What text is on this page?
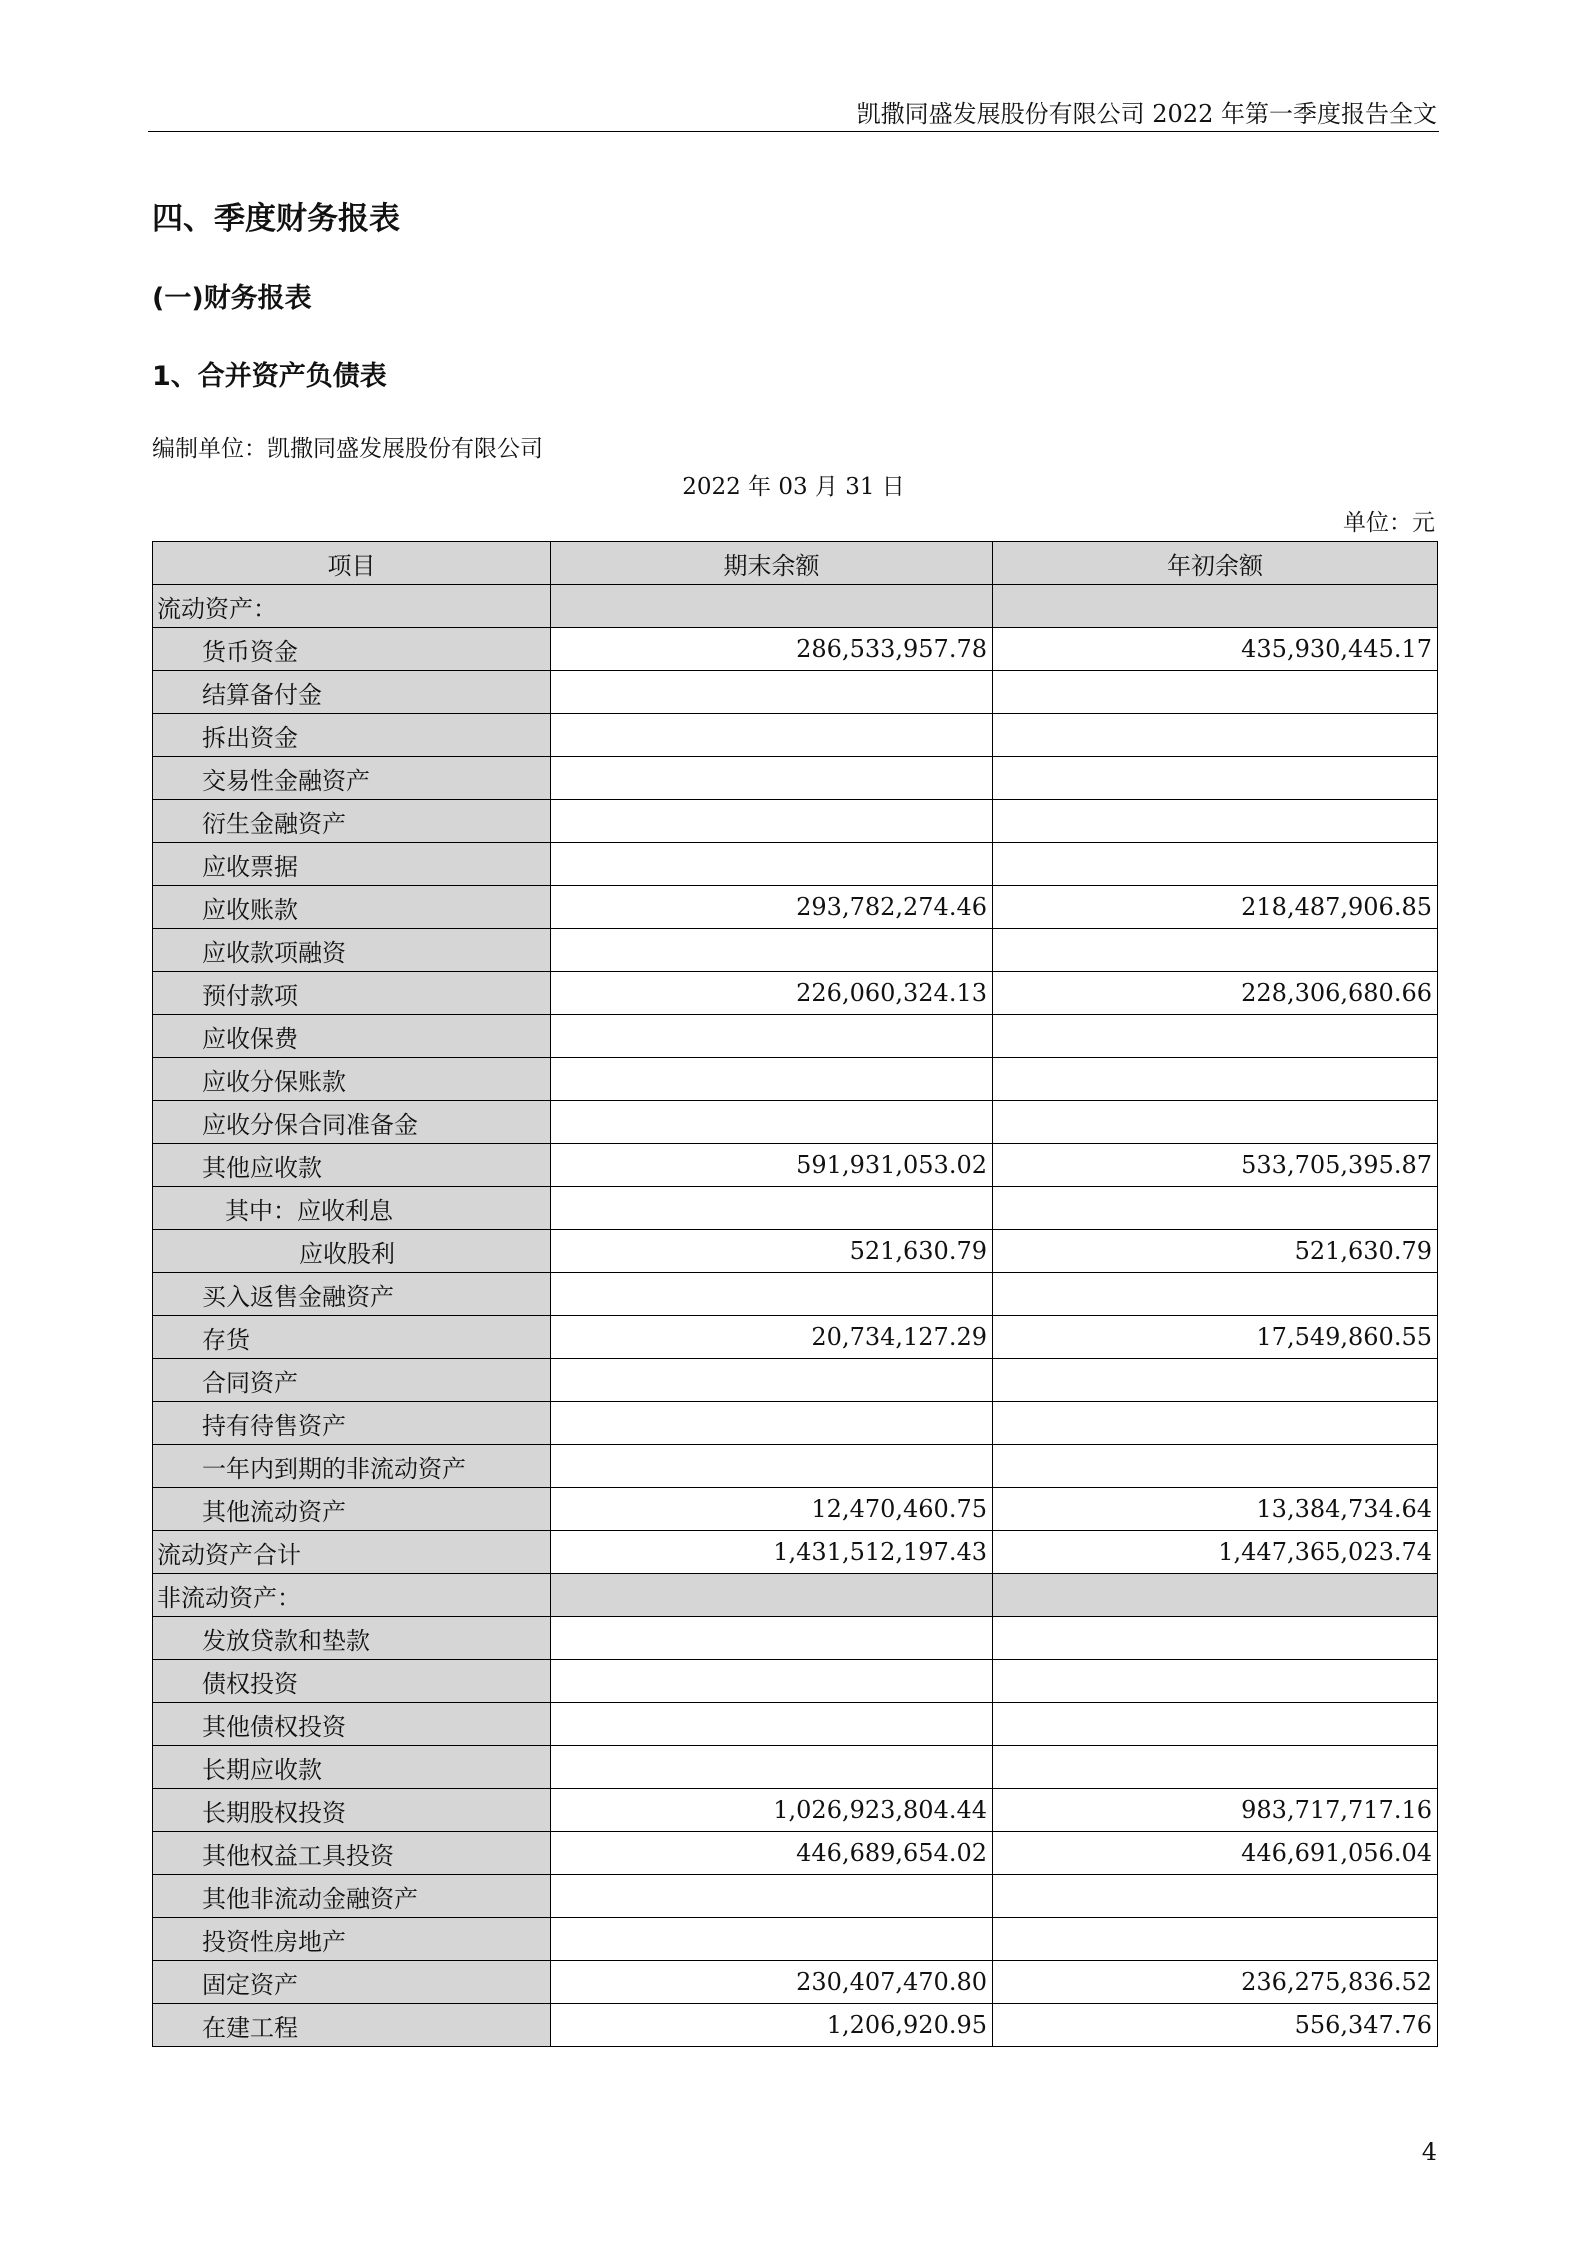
凯撒同盛发展股份有限公司 2022 年第一季度报告全文
四、季度财务报表
(一)财务报表
1、合并资产负债表
编制单位：凯撒同盛发展股份有限公司
2022 年 03 月 31 日
单位：元
项目	期末余额	年初余额
流动资产：		
货币资金	286,533,957.78	435,930,445.17
结算备付金		
拆出资金		
交易性金融资产		
衍生金融资产		
应收票据		
应收账款	293,782,274.46	218,487,906.85
应收款项融资		
预付款项	226,060,324.13	228,306,680.66
应收保费		
应收分保账款		
应收分保合同准备金		
其他应收款	591,931,053.02	533,705,395.87
其中：应收利息		
应收股利	521,630.79	521,630.79
买入返售金融资产		
存货	20,734,127.29	17,549,860.55
合同资产		
持有待售资产		
一年内到期的非流动资产		
其他流动资产	12,470,460.75	13,384,734.64
流动资产合计	1,431,512,197.43	1,447,365,023.74
非流动资产：		
发放贷款和垫款		
债权投资		
其他债权投资		
长期应收款		
长期股权投资	1,026,923,804.44	983,717,717.16
其他权益工具投资	446,689,654.02	446,691,056.04
其他非流动金融资产		
投资性房地产		
固定资产	230,407,470.80	236,275,836.52
在建工程	1,206,920.95	556,347.76
4
